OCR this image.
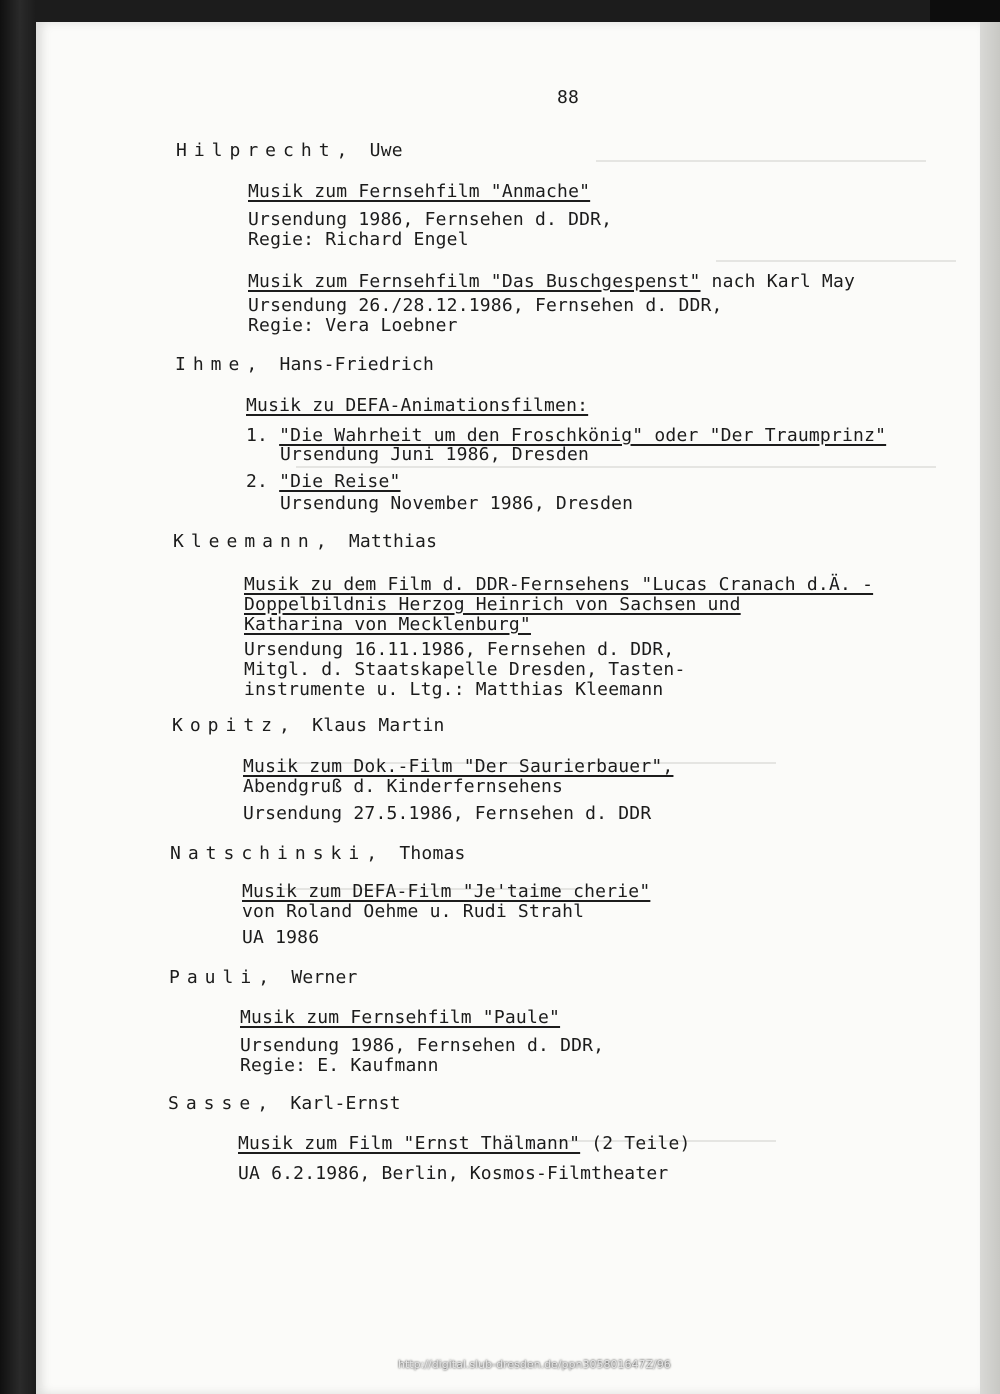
88
Hilprecht, Uwe
Musik zum Fernsehfilm "Anmache"
Ursendung 1986, Fernsehen d. DDR,
Regie: Richard Engel
Musik zum Fernsehfilm "Das Buschgespenst" nach Karl May
Ursendung 26./28.12.1986, Fernsehen d. DDR,
Regie: Vera Loebner
Ihme, Hans-Friedrich
Musik zu DEFA-Animationsfilmen:
1. "Die Wahrheit um den Froschkönig" oder "Der Traumprinz"
Ursendung Juni 1986, Dresden
2. "Die Reise"
Ursendung November 1986, Dresden
Kleemann, Matthias
Musik zu dem Film d. DDR-Fernsehens "Lucas Cranach d.Ä. -
Doppelbildnis Herzog Heinrich von Sachsen und
Katharina von Mecklenburg"
Ursendung 16.11.1986, Fernsehen d. DDR,
Mitgl. d. Staatskapelle Dresden, Tasten-
instrumente u. Ltg.: Matthias Kleemann
Kopitz, Klaus Martin
Musik zum Dok.-Film "Der Saurierbauer",
Abendgruß d. Kinderfernsehens
Ursendung 27.5.1986, Fernsehen d. DDR
Natschinski, Thomas
Musik zum DEFA-Film "Je'taime cherie"
von Roland Oehme u. Rudi Strahl
UA 1986
Pauli, Werner
Musik zum Fernsehfilm "Paule"
Ursendung 1986, Fernsehen d. DDR,
Regie: E. Kaufmann
Sasse, Karl-Ernst
Musik zum Film "Ernst Thälmann" (2 Teile)
UA 6.2.1986, Berlin, Kosmos-Filmtheater
http://digital.slub-dresden.de/ppn305801647Z/96
